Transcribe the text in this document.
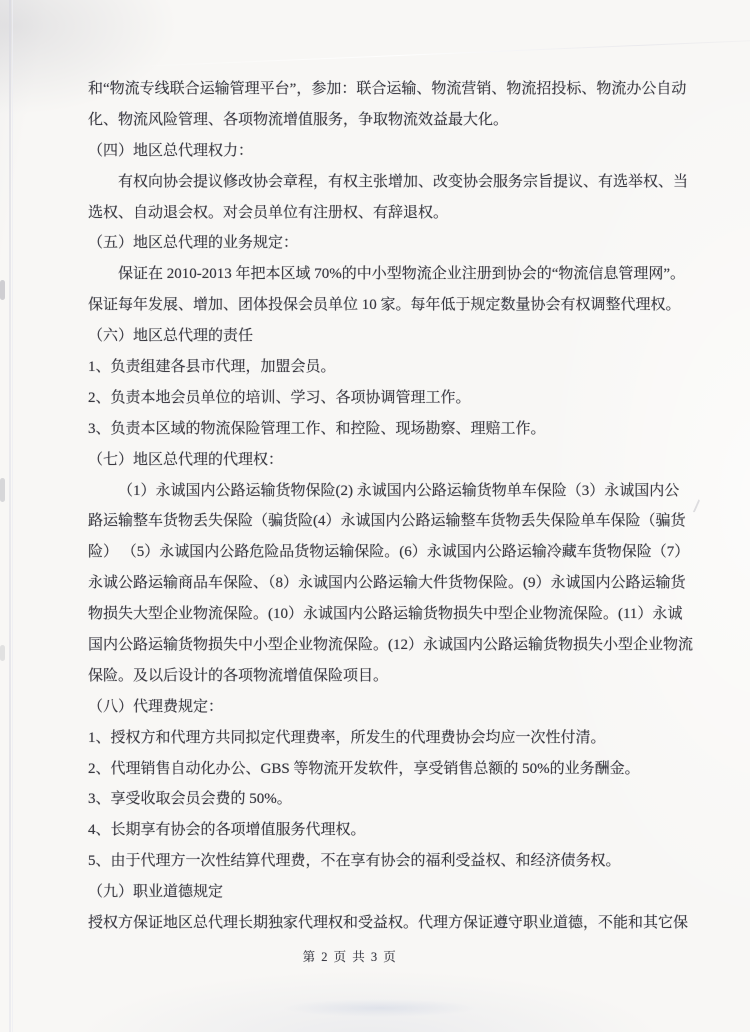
和“物流专线联合运输管理平台”，参加：联合运输、物流营销、物流招投标、物流办公自动
化、物流风险管理、各项物流增值服务，争取物流效益最大化。
（四）地区总代理权力：
有权向协会提议修改协会章程，有权主张增加、改变协会服务宗旨提议、有选举权、当
选权、自动退会权。对会员单位有注册权、有辞退权。
（五）地区总代理的业务规定：
保证在 2010-2013 年把本区域 70%的中小型物流企业注册到协会的“物流信息管理网”。
保证每年发展、增加、团体投保会员单位 10 家。每年低于规定数量协会有权调整代理权。
（六）地区总代理的责任
1、负责组建各县市代理，加盟会员。
2、负责本地会员单位的培训、学习、各项协调管理工作。
3、负责本区域的物流保险管理工作、和控险、现场勘察、理赔工作。
（七）地区总代理的代理权：
（1）永诚国内公路运输货物保险(2) 永诚国内公路运输货物单车保险（3）永诚国内公
路运输整车货物丢失保险（骗货险(4）永诚国内公路运输整车货物丢失保险单车保险（骗货
险） （5）永诚国内公路危险品货物运输保险。(6）永诚国内公路运输冷藏车货物保险（7）
永诚公路运输商品车保险、（8）永诚国内公路运输大件货物保险。(9）永诚国内公路运输货
物损失大型企业物流保险。(10）永诚国内公路运输货物损失中型企业物流保险。(11）永诚
国内公路运输货物损失中小型企业物流保险。(12）永诚国内公路运输货物损失小型企业物流
保险。及以后设计的各项物流增值保险项目。
（八）代理费规定：
1、授权方和代理方共同拟定代理费率，所发生的代理费协会均应一次性付清。
2、代理销售自动化办公、GBS 等物流开发软件，享受销售总额的 50%的业务酬金。
3、享受收取会员会费的 50%。
4、长期享有协会的各项增值服务代理权。
5、由于代理方一次性结算代理费，不在享有协会的福利受益权、和经济债务权。
（九）职业道德规定
授权方保证地区总代理长期独家代理权和受益权。代理方保证遵守职业道德，不能和其它保
第 2 页 共 3 页
